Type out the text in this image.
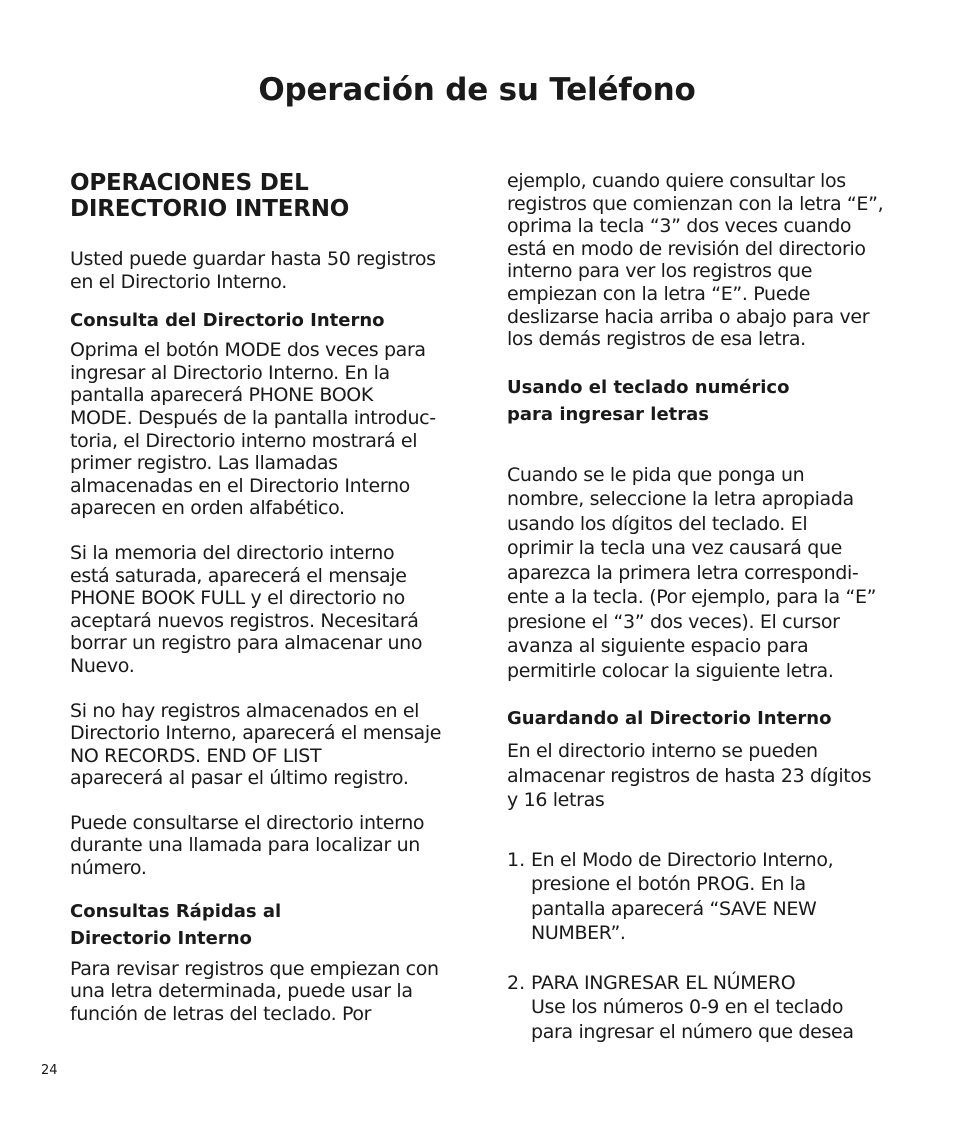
Operación de su Teléfono
OPERACIONES DEL
DIRECTORIO INTERNO

Usted puede guardar hasta 50 registros
en el Directorio Interno.

Consulta del Directorio Interno

Oprima el botón MODE dos veces para
ingresar al Directorio Interno. En la
pantalla aparecerá PHONE BOOK
MODE. Después de la pantalla introduc-
toria, el Directorio interno mostrará el
primer registro. Las llamadas
almacenadas en el Directorio Interno
aparecen en orden alfabético.

Si la memoria del directorio interno
está saturada, aparecerá el mensaje
PHONE BOOK FULL y el directorio no
aceptará nuevos registros. Necesitará
borrar un registro para almacenar uno
Nuevo.

Si no hay registros almacenados en el
Directorio Interno, aparecerá el mensaje
NO RECORDS. END OF LIST
aparecerá al pasar el último registro.

Puede consultarse el directorio interno
durante una llamada para localizar un
número.

Consultas Rápidas al
Directorio Interno

Para revisar registros que empiezan con
una letra determinada, puede usar la
función de letras del teclado. Por

ejemplo, cuando quiere consultar los
registros que comienzan con la letra “E”,
oprima la tecla “3” dos veces cuando
está en modo de revisión del directorio
interno para ver los registros que
empiezan con la letra “E”. Puede
deslizarse hacia arriba o abajo para ver
los demás registros de esa letra.

Usando el teclado numérico
para ingresar letras

Cuando se le pida que ponga un
nombre, seleccione la letra apropiada
usando los dígitos del teclado. El
oprimir la tecla una vez causará que
aparezca la primera letra correspondi-
ente a la tecla. (Por ejemplo, para la “E”
presione el “3” dos veces). El cursor
avanza al siguiente espacio para
permitirle colocar la siguiente letra.

Guardando al Directorio Interno

En el directorio interno se pueden
almacenar registros de hasta 23 dígitos
y 16 letras

1. En el Modo de Directorio Interno,
presione el botón PROG. En la
pantalla aparecerá “SAVE NEW
NUMBER”.
2. PARA INGRESAR EL NÚMERO
Use los números 0-9 en el teclado
para ingresar el número que desea
24
